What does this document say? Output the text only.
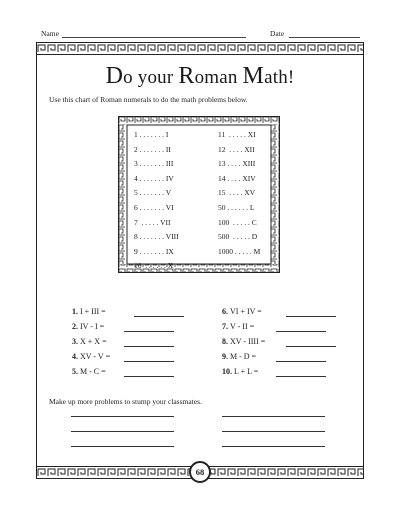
Name	Date
Do your Roman Math!
Use this chart of Roman numerals to do the math problems below.
1 . . . . . . . I
2 . . . . . . . II
3 . . . . . . . III
4 . . . . . . . IV
5 . . . . . . . V
6 . . . . . . . VI
7  . . . . . VII
8 . . . . . . . VIII
9 . . . . . . . IX
10  . . . . . . X
11  . . . . . XI
12  . . . . XII
13 . . . . XIII
14 . . . . XIV
15  . . . . XV
50 . . . . . . L
100  . . . . . C
500  . . . . . D
1000 . . . . . M
1. I + III =
2. IV - I =
3. X + X =
4. XV - V =
5. M - C =
6. VI + IV =
7. V - II =
8. XV - IIII =
9. M - D =
10. L + L =
Make up more problems to stump your classmates.
68
